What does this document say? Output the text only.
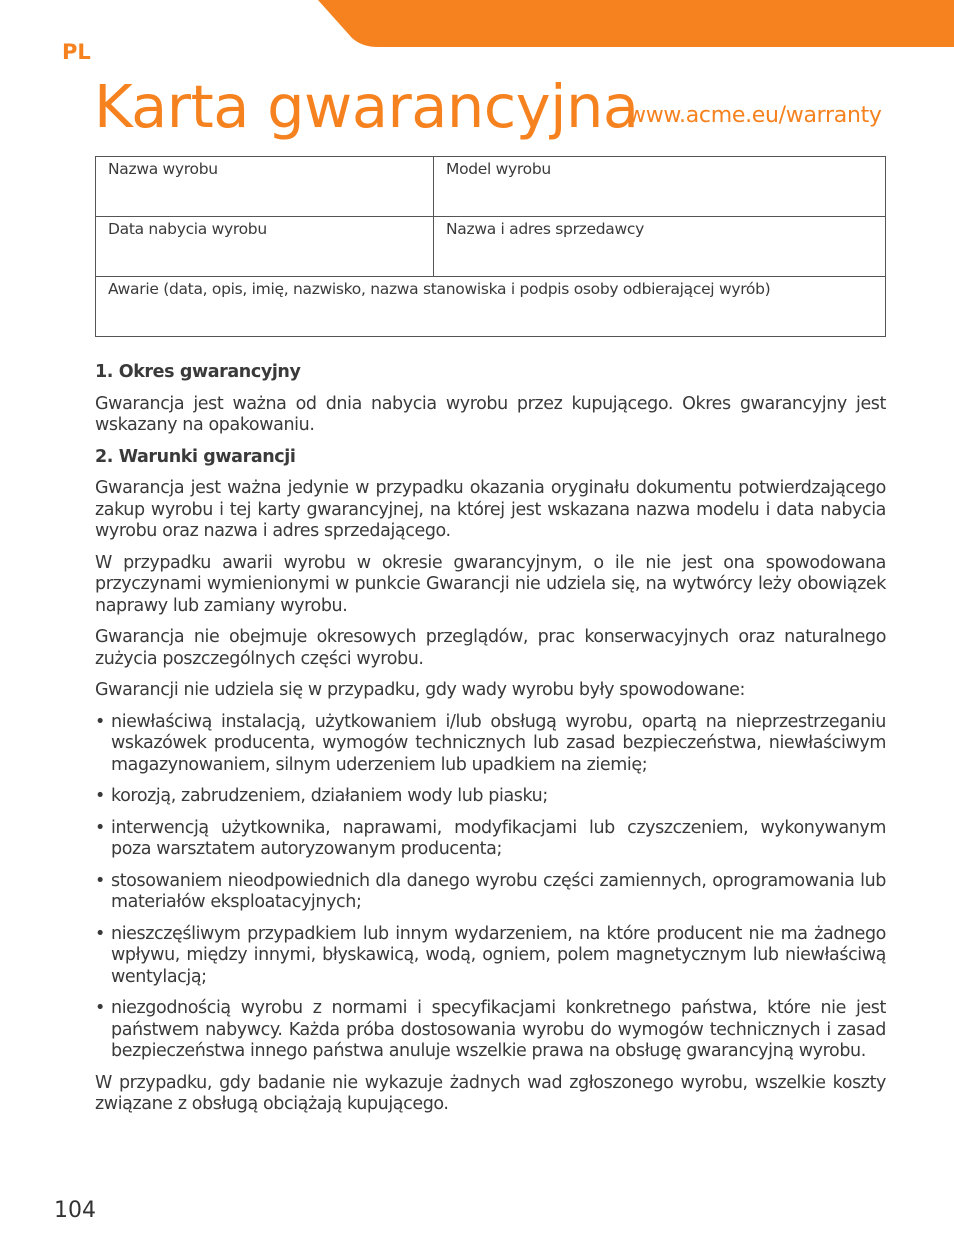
PL
Karta gwarancyjna
www.acme.eu/warranty
Nazwa wyrobu	Model wyrobu
Data nabycia wyrobu	Nazwa i adres sprzedawcy
Awarie (data, opis, imię, nazwisko, nazwa stanowiska i podpis osoby odbierającej wyrób)	
1. Okres gwarancyjny

Gwarancja jest ważna od dnia nabycia wyrobu przez kupującego. Okres gwarancyjny jest wskazany na opakowaniu.

2. Warunki gwarancji

Gwarancja jest ważna jedynie w przypadku okazania oryginału dokumentu potwierdzającego zakup wyrobu i tej karty gwarancyjnej, na której jest wskazana nazwa modelu i data nabycia wyrobu oraz nazwa i adres sprzedającego.

W przypadku awarii wyrobu w okresie gwarancyjnym, o ile nie jest ona spowodowana przyczynami wymienionymi w punkcie Gwarancji nie udziela się, na wytwórcy leży obowiązek naprawy lub zamiany wyrobu.

Gwarancja nie obejmuje okresowych przeglądów, prac konserwacyjnych oraz naturalnego zużycia poszczególnych części wyrobu.

Gwarancji nie udziela się w przypadku, gdy wady wyrobu były spowodowane:

• niewłaściwą instalacją, użytkowaniem i/lub obsługą wyrobu, opartą na nieprzestrzeganiu wskazówek producenta, wymogów technicznych lub zasad bezpieczeństwa, niewłaściwym magazynowaniem, silnym uderzeniem lub upadkiem na ziemię;
• korozją, zabrudzeniem, działaniem wody lub piasku;
• interwencją użytkownika, naprawami, modyfikacjami lub czyszczeniem, wykonywanym poza warsztatem autoryzowanym producenta;
• stosowaniem nieodpowiednich dla danego wyrobu części zamiennych, oprogramowania lub materiałów eksploatacyjnych;
• nieszczęśliwym przypadkiem lub innym wydarzeniem, na które producent nie ma żadnego wpływu, między innymi, błyskawicą, wodą, ogniem, polem magnetycznym lub niewłaściwą wentylacją;
• niezgodnością wyrobu z normami i specyfikacjami konkretnego państwa, które nie jest państwem nabywcy. Każda próba dostosowania wyrobu do wymogów technicznych i zasad bezpieczeństwa innego państwa anuluje wszelkie prawa na obsługę gwarancyjną wyrobu.

W przypadku, gdy badanie nie wykazuje żadnych wad zgłoszonego wyrobu, wszelkie koszty związane z obsługą obciążają kupującego.

104
